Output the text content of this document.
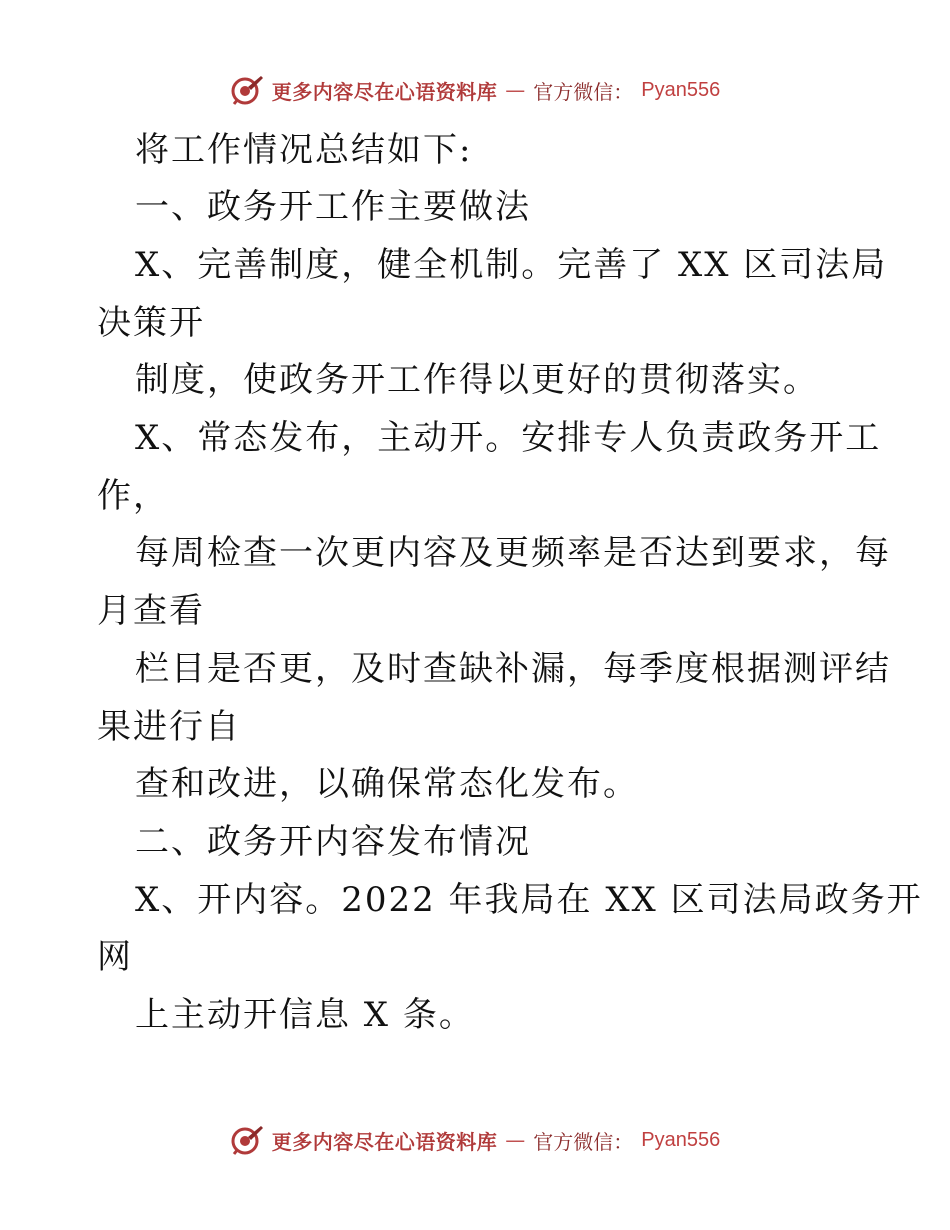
更多内容尽在心语资料库 — 官方微信： Pyan556
将工作情况总结如下:
一、政务开工作主要做法
X、完善制度，健全机制。完善了 XX 区司法局
决策开
制度，使政务开工作得以更好的贯彻落实。
X、常态发布，主动开。安排专人负责政务开工
作，
每周检查一次更内容及更频率是否达到要求，每
月查看
栏目是否更，及时查缺补漏，每季度根据测评结
果进行自
查和改进，以确保常态化发布。
二、政务开内容发布情况
X、开内容。2022 年我局在 XX 区司法局政务开
网
上主动开信息 X 条。
更多内容尽在心语资料库 — 官方微信： Pyan556
